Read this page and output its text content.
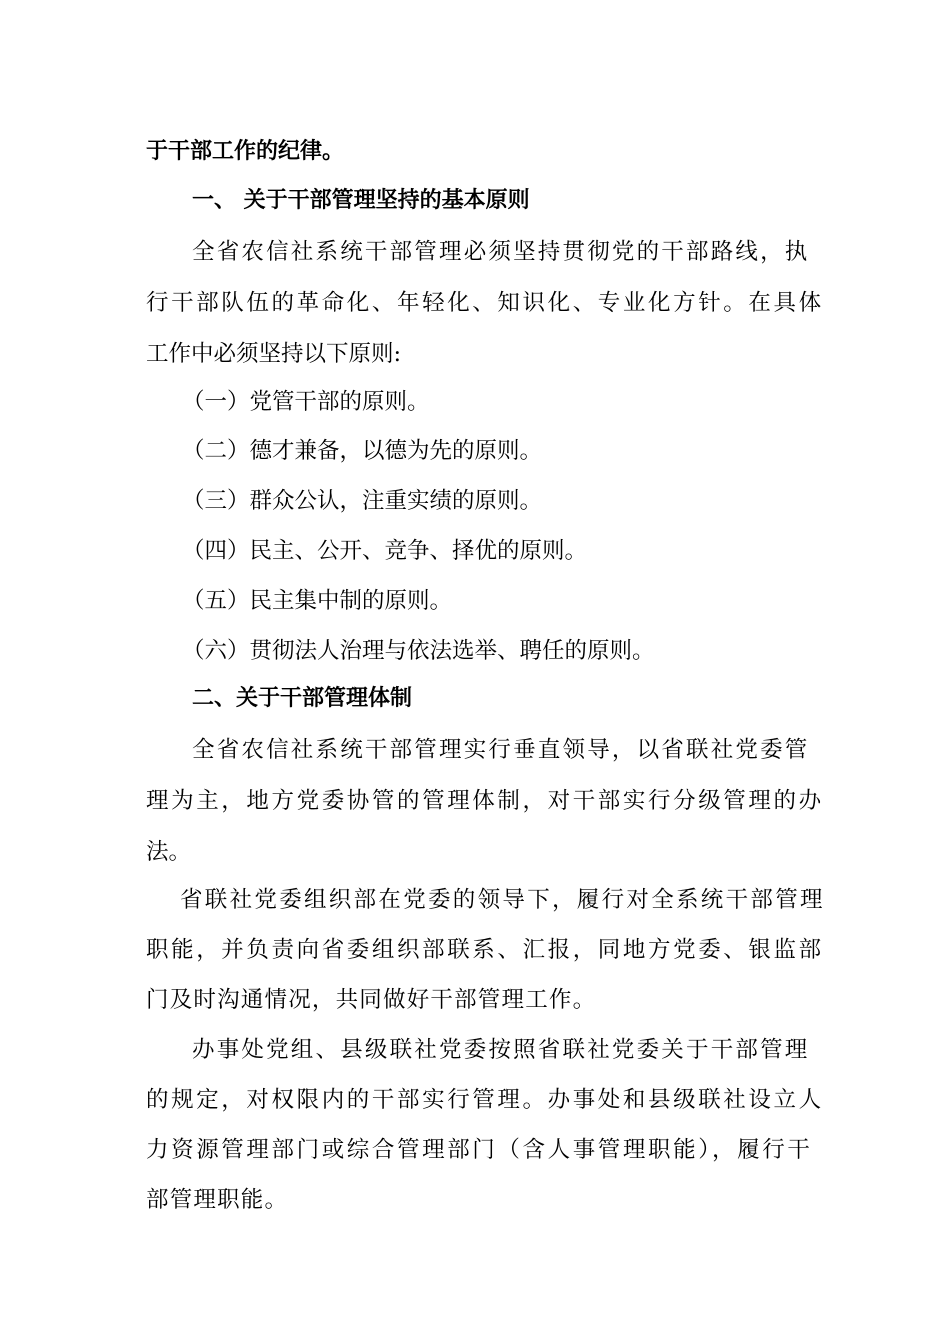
于干部工作的纪律。
一、 关于干部管理坚持的基本原则
全省农信社系统干部管理必须坚持贯彻党的干部路线，执
行干部队伍的革命化、年轻化、知识化、专业化方针。在具体
工作中必须坚持以下原则:
（一）党管干部的原则。
（二）德才兼备，以德为先的原则。
（三）群众公认，注重实绩的原则。
（四）民主、公开、竞争、择优的原则。
（五）民主集中制的原则。
（六）贯彻法人治理与依法选举、聘任的原则。
二、关于干部管理体制
全省农信社系统干部管理实行垂直领导，以省联社党委管
理为主，地方党委协管的管理体制，对干部实行分级管理的办
法。
省联社党委组织部在党委的领导下，履行对全系统干部管理
职能，并负责向省委组织部联系、汇报，同地方党委、银监部
门及时沟通情况，共同做好干部管理工作。
办事处党组、县级联社党委按照省联社党委关于干部管理
的规定，对权限内的干部实行管理。办事处和县级联社设立人
力资源管理部门或综合管理部门（含人事管理职能），履行干
部管理职能。
